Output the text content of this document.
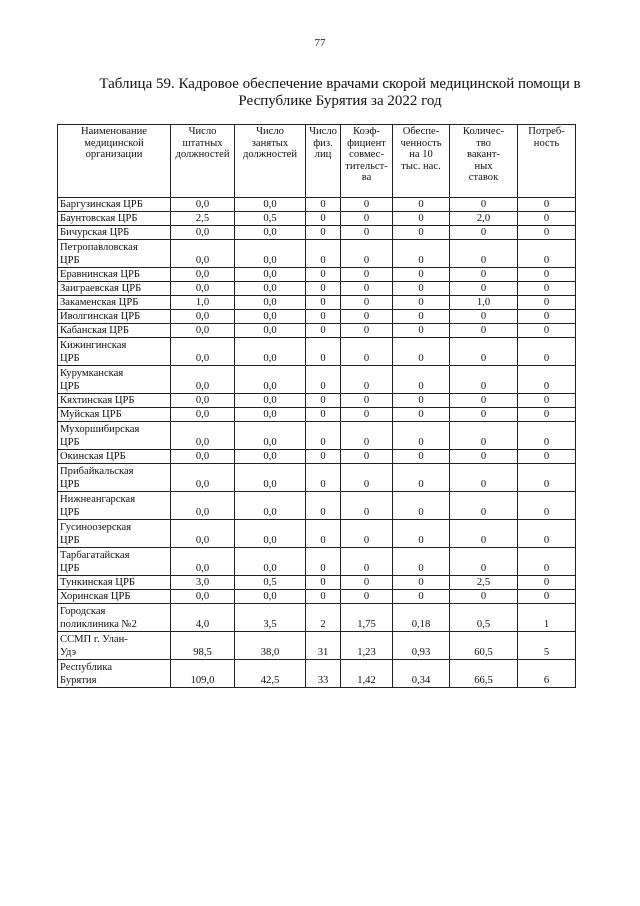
77
Таблица 59. Кадровое обеспечение врачами скорой медицинской помощи в
Республике Бурятия за 2022 год
Наименование
медицинской
организации	Число
штатных
должностей	Число
занятых
должностей	Число
физ.
лиц	Коэф-
фициент
совмес-
тительст-
ва	Обеспе-
ченность
на 10
тыс. нас.	Количес-
тво
вакант-
ных
ставок	Потреб-
ность

Баргузинская ЦРБ	0,0	0,0	0	0	0	0	0

Баунтовская ЦРБ	2,5	0,5	0	0	0	2,0	0

Бичурская ЦРБ	0,0	0,0	0	0	0	0	0

Петропавловская
ЦРБ	0,0	0,0	0	0	0	0	0

Еравнинская ЦРБ	0,0	0,0	0	0	0	0	0

Заиграевская ЦРБ	0,0	0,0	0	0	0	0	0

Закаменская ЦРБ	1,0	0,0	0	0	0	1,0	0

Иволгинская ЦРБ	0,0	0,0	0	0	0	0	0

Кабанская ЦРБ	0,0	0,0	0	0	0	0	0

Кижингинская
ЦРБ	0,0	0,0	0	0	0	0	0

Курумканская
ЦРБ	0,0	0,0	0	0	0	0	0

Кяхтинская ЦРБ	0,0	0,0	0	0	0	0	0

Муйская ЦРБ	0,0	0,0	0	0	0	0	0

Мухоршибирская
ЦРБ	0,0	0,0	0	0	0	0	0

Окинская ЦРБ	0,0	0,0	0	0	0	0	0

Прибайкальская
ЦРБ	0,0	0,0	0	0	0	0	0

Нижнеангарская
ЦРБ	0,0	0,0	0	0	0	0	0

Гусиноозерская
ЦРБ	0,0	0,0	0	0	0	0	0

Тарбагатайская
ЦРБ	0,0	0,0	0	0	0	0	0

Тункинская ЦРБ	3,0	0,5	0	0	0	2,5	0

Хоринская ЦРБ	0,0	0,0	0	0	0	0	0

Городская
поликлиника №2	4,0	3,5	2	1,75	0,18	0,5	1

ССМП г. Улан-
Удэ	98,5	38,0	31	1,23	0,93	60,5	5

Республика
Бурятия	109,0	42,5	33	1,42	0,34	66,5	6
